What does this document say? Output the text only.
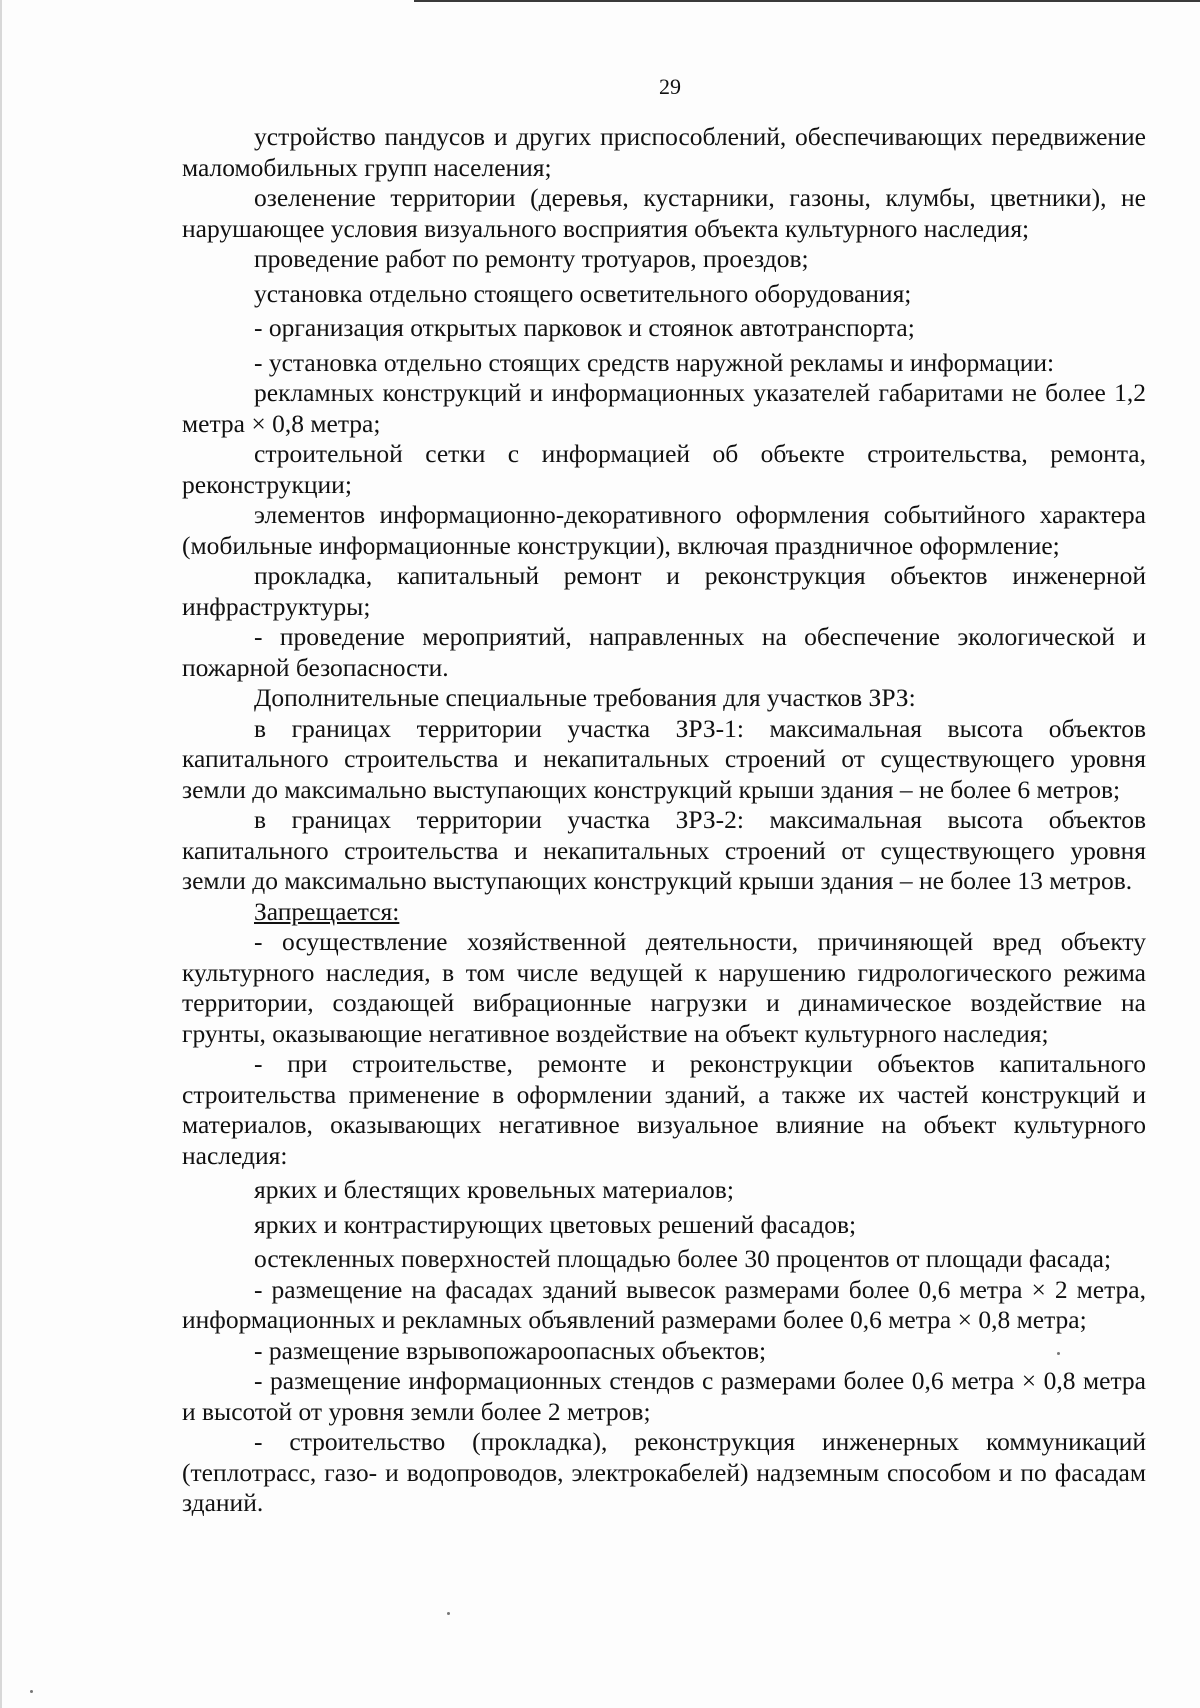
29

устройство пандусов и других приспособлений, обеспечивающих передвижение маломобильных групп населения;

озеленение территории (деревья, кустарники, газоны, клумбы, цветники), не нарушающее условия визуального восприятия объекта культурного наследия;

проведение работ по ремонту тротуаров, проездов;

установка отдельно стоящего осветительного оборудования;

- организация открытых парковок и стоянок автотранспорта;

- установка отдельно стоящих средств наружной рекламы и информации:

рекламных конструкций и информационных указателей габаритами не более 1,2 метра × 0,8 метра;

строительной сетки с информацией об объекте строительства, ремонта, реконструкции;

элементов информационно-декоративного оформления событийного характера (мобильные информационные конструкции), включая праздничное оформление;

прокладка, капитальный ремонт и реконструкция объектов инженерной инфраструктуры;

- проведение мероприятий, направленных на обеспечение экологической и пожарной безопасности.

Дополнительные специальные требования для участков ЗРЗ:

в границах территории участка ЗРЗ-1: максимальная высота объектов капитального строительства и некапитальных строений от существующего уровня земли до максимально выступающих конструкций крыши здания – не более 6 метров;

в границах территории участка ЗРЗ-2: максимальная высота объектов капитального строительства и некапитальных строений от существующего уровня земли до максимально выступающих конструкций крыши здания – не более 13 метров.

Запрещается:

- осуществление хозяйственной деятельности, причиняющей вред объекту культурного наследия, в том числе ведущей к нарушению гидрологического режима территории, создающей вибрационные нагрузки и динамическое воздействие на грунты, оказывающие негативное воздействие на объект культурного наследия;

- при строительстве, ремонте и реконструкции объектов капитального строительства применение в оформлении зданий, а также их частей конструкций и материалов, оказывающих негативное визуальное влияние на объект культурного наследия:

ярких и блестящих кровельных материалов;

ярких и контрастирующих цветовых решений фасадов;

остекленных поверхностей площадью более 30 процентов от площади фасада;

- размещение на фасадах зданий вывесок размерами более 0,6 метра × 2 метра, информационных и рекламных объявлений размерами более 0,6 метра × 0,8 метра;

- размещение взрывопожароопасных объектов;

- размещение информационных стендов с размерами более 0,6 метра × 0,8 метра и высотой от уровня земли более 2 метров;

- строительство (прокладка), реконструкция инженерных коммуникаций (теплотрасс, газо- и водопроводов, электрокабелей) надземным способом и по фасадам зданий.
